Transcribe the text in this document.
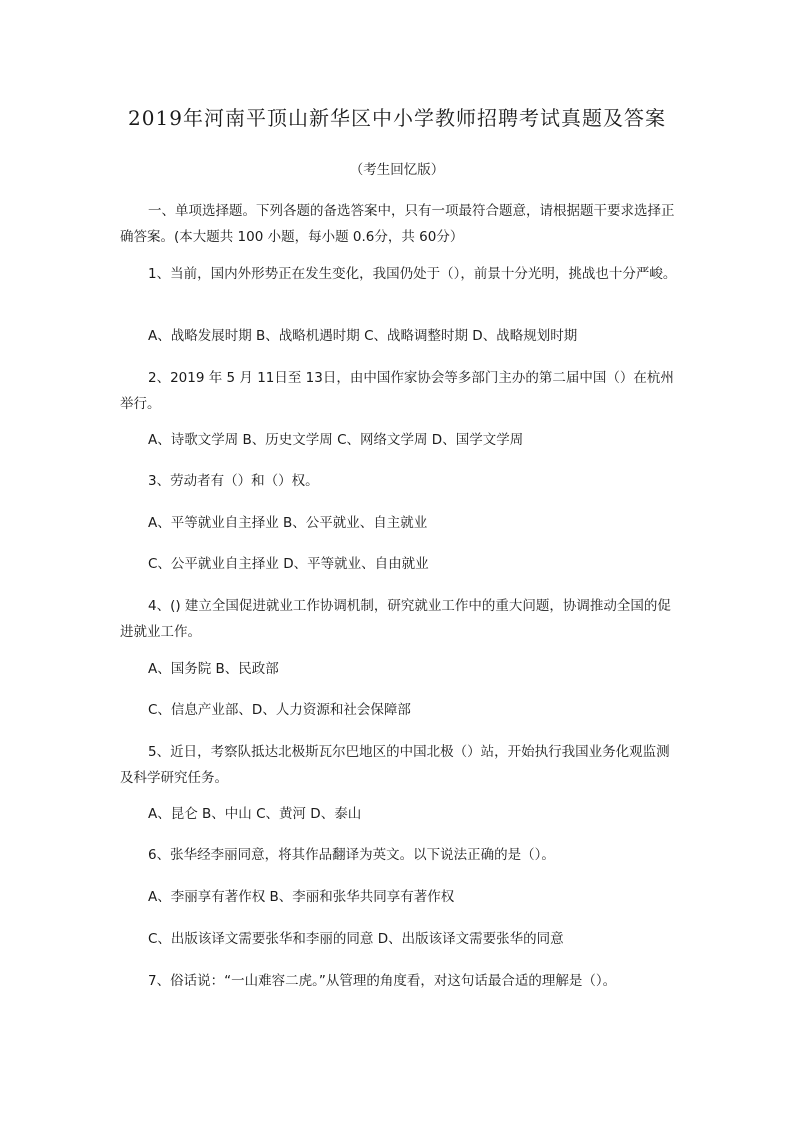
2019年河南平顶山新华区中小学教师招聘考试真题及答案
（考生回忆版）

一、单项选择题。下列各题的备选答案中，只有一项最符合题意，请根据题干要求选择正确答案。(本大题共 100 小题，每小题 0.6分，共 60分）

1、当前，国内外形势正在发生变化，我国仍处于（），前景十分光明，挑战也十分严峻。

A、战略发展时期 B、战略机遇时期 C、战略调整时期 D、战略规划时期

2、2019 年 5 月 11日至 13日，由中国作家协会等多部门主办的第二届中国（）在杭州举行。

A、诗歌文学周 B、历史文学周 C、网络文学周 D、国学文学周

3、劳动者有（）和（）权。

A、平等就业自主择业 B、公平就业、自主就业

C、公平就业自主择业 D、平等就业、自由就业

4、() 建立全国促进就业工作协调机制，研究就业工作中的重大问题，协调推动全国的促进就业工作。

A、国务院 B、民政部

C、信息产业部、D、人力资源和社会保障部

5、近日，考察队抵达北极斯瓦尔巴地区的中国北极（）站，开始执行我国业务化观监测及科学研究任务。

A、昆仑 B、中山 C、黄河 D、泰山

6、张华经李丽同意，将其作品翻译为英文。以下说法正确的是（）。

A、李丽享有著作权 B、李丽和张华共同享有著作权

C、出版该译文需要张华和李丽的同意 D、出版该译文需要张华的同意

7、俗话说：“一山难容二虎。”从管理的角度看，对这句话最合适的理解是（）。
